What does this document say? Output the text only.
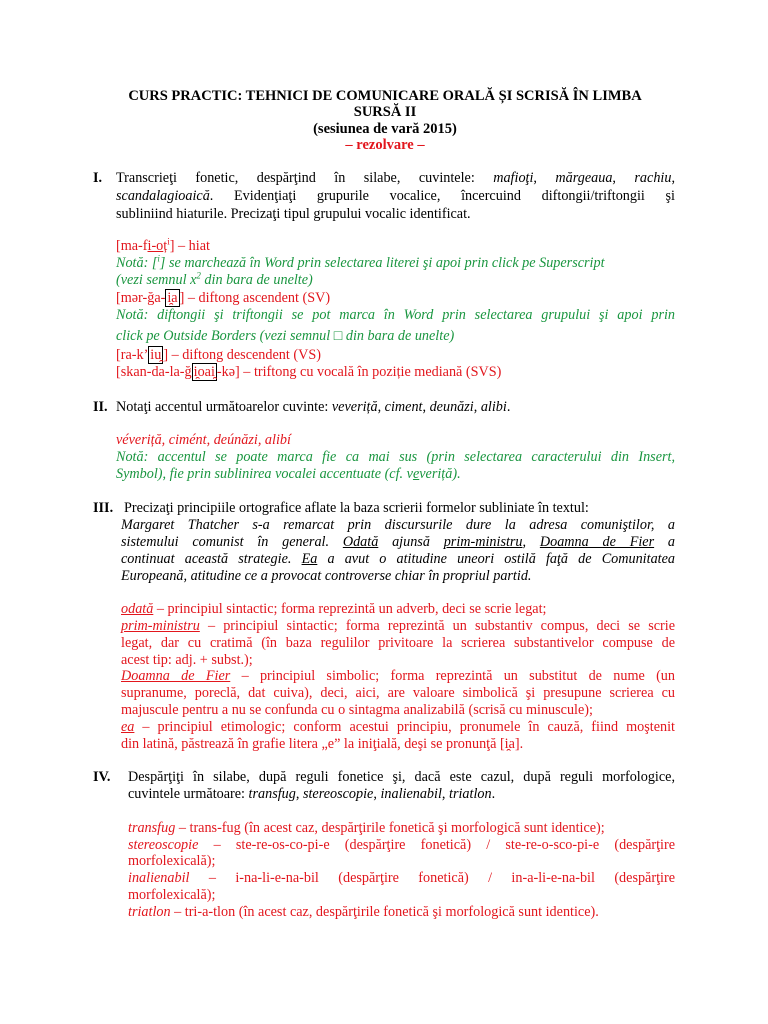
CURS PRACTIC: TEHNICI DE COMUNICARE ORALĂ ȘI SCRISĂ ÎN LIMBA
SURSĂ II
(sesiunea de vară 2015)
– rezolvare –
I. Transcrieţi fonetic, despărţind în silabe, cuvintele: mafioţi, mărgeaua, rachiu,
scandalagioaică. Evidenţiaţi grupurile vocalice, încercuind diftongii/triftongii şi
subliniind hiaturile. Precizaţi tipul grupului vocalic identificat.
$[ma-fi-oț^i]$ – hiat
Notă: [$^i$] se marchează în Word prin selectarea literei şi apoi prin click pe Superscript
(vezi semnul $x^2$ din bara de unelte)
[mər-ğa- i̯a ] – diftong ascendent (SV)
Notă: diftongii şi triftongii se pot marca în Word prin selectarea grupului şi apoi prin
click pe Outside Borders (vezi semnul □ din bara de unelte)
[ra-k’ iu̯ ] – diftong descendent (VS)
[skan-da-la-ğ i̯oai̯ -kə] – triftong cu vocală în poziție mediană (SVS)
II. Notaţi accentul următoarelor cuvinte: veveriță, ciment, deunăzi, alibi.
véveriță, cimént, deúnăzi, alibí
Notă: accentul se poate marca fie ca mai sus (prin selectarea caracterului din Insert,
Symbol), fie prin sublinirea vocalei accentuate (cf. veveriță).
III. Precizaţi principiile ortografice aflate la baza scrierii formelor subliniate în textul:
Margaret Thatcher s-a remarcat prin discursurile dure la adresa comuniştilor, a
sistemului comunist în general. Odată ajunsă prim-ministru, Doamna de Fier a
continuat această strategie. Ea a avut o atitudine uneori ostilă faţă de Comunitatea
Europeană, atitudine ce a provocat controverse chiar în propriul partid.
odată – principiul sintactic; forma reprezintă un adverb, deci se scrie legat;
prim-ministru – principiul sintactic; forma reprezintă un substantiv compus, deci se scrie
legat, dar cu cratimă (în baza regulilor privitoare la scrierea substantivelor compuse de
acest tip: adj. + subst.);
Doamna de Fier – principiul simbolic; forma reprezintă un substitut de nume (un
supranume, poreclă, dat cuiva), deci, aici, are valoare simbolică şi presupune scrierea cu
majuscule pentru a nu se confunda cu o sintagma analizabilă (scrisă cu minuscule);
ea – principiul etimologic; conform acestui principiu, pronumele în cauză, fiind moştenit
din latină, păstrează în grafie litera „e” la iniţială, deşi se pronunţă [i̯a].
IV. Despărţiţi în silabe, după reguli fonetice şi, dacă este cazul, după reguli morfologice,
cuvintele următoare: transfug, stereoscopie, inalienabil, triatlon.
transfug – trans-fug (în acest caz, despărţirile fonetică şi morfologică sunt identice);
stereoscopie – ste-re-os-co-pi-e (despărţire fonetică) / ste-re-o-sco-pi-e (despărţire
morfolexicală);
inalienabil – i-na-li-e-na-bil (despărţire fonetică) / in-a-li-e-na-bil (despărţire
morfolexicală);
triatlon – tri-a-tlon (în acest caz, despărţirile fonetică şi morfologică sunt identice).
